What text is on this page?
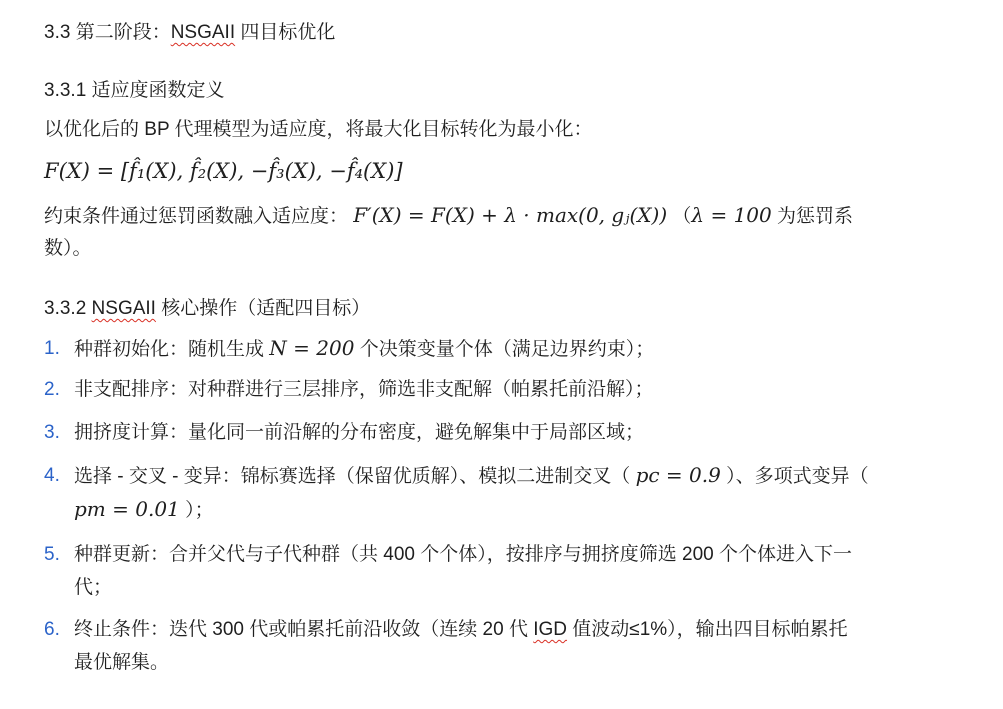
3.3 第二阶段：NSGAII 四目标优化
3.3.1 适应度函数定义
以优化后的 BP 代理模型为适应度，将最大化目标转化为最小化：
F(X) = [f̂₁(X), f̂₂(X), −f̂₃(X), −f̂₄(X)]
约束条件通过惩罚函数融入适应度： F′(X) = F(X) + λ · max(0, gⱼ(X)) （λ = 100 为惩罚系
数）。
3.3.2 NSGAII 核心操作（适配四目标）
1. 种群初始化：随机生成 N = 200 个决策变量个体（满足边界约束）；
2. 非支配排序：对种群进行三层排序，筛选非支配解（帕累托前沿解）；
3. 拥挤度计算：量化同一前沿解的分布密度，避免解集中于局部区域；
4. 选择 - 交叉 - 变异：锦标赛选择（保留优质解）、模拟二进制交叉（ pc = 0.9 ）、多项式变异（
pm = 0.01 ）；
5. 种群更新：合并父代与子代种群（共 400 个个体），按排序与拥挤度筛选 200 个个体进入下一
代；
6. 终止条件：迭代 300 代或帕累托前沿收敛（连续 20 代 IGD 值波动≤1%），输出四目标帕累托
最优解集。
